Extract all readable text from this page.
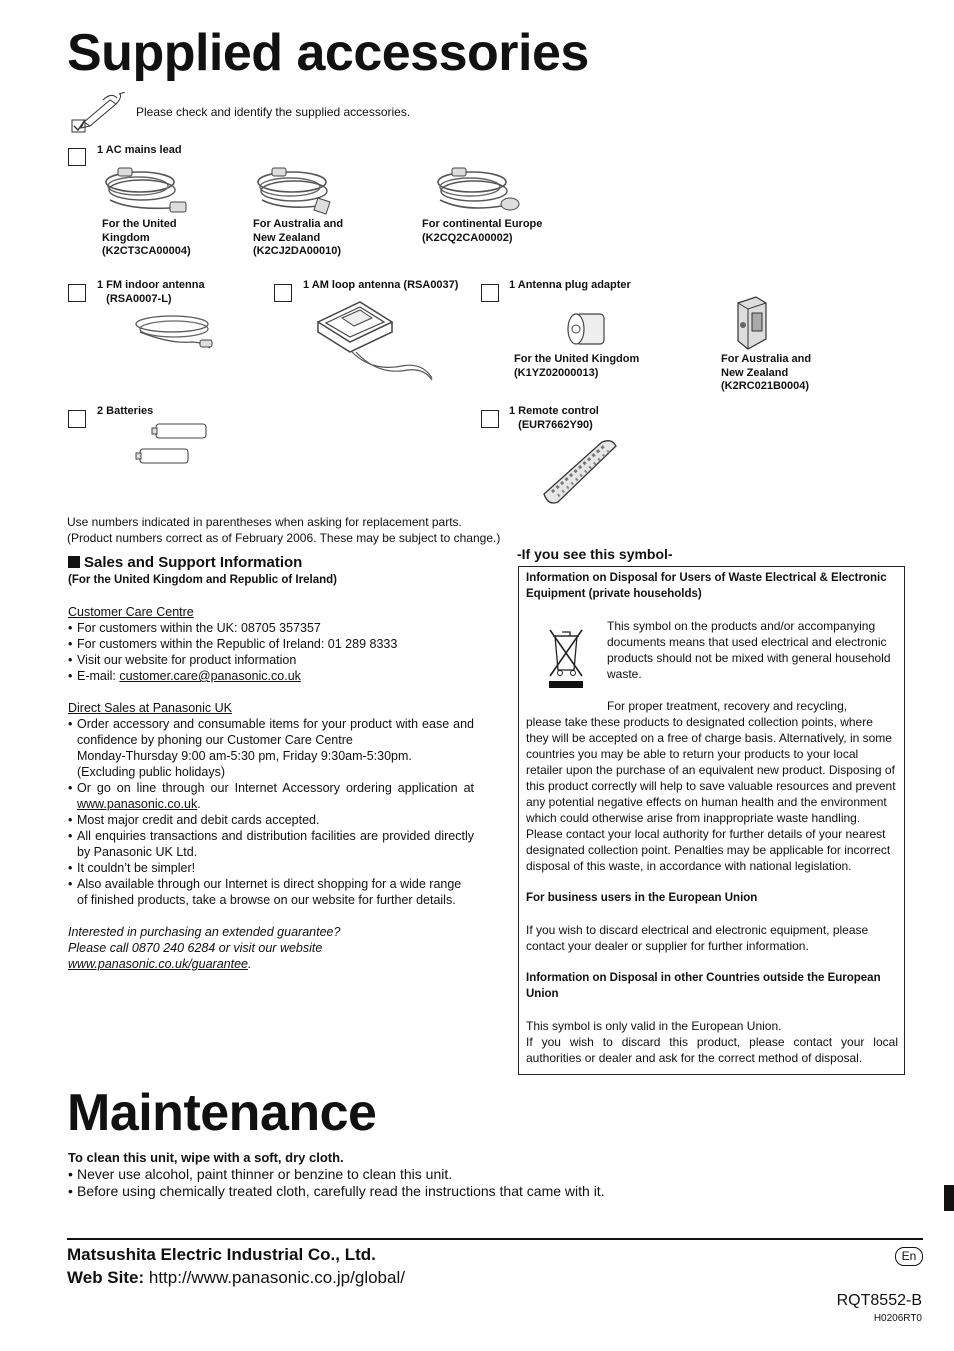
Supplied accessories
Please check and identify the supplied accessories.
1 AC mains lead
For the United
Kingdom
(K2CT3CA00004)
For Australia and
New Zealand
(K2CJ2DA00010)
For continental Europe
(K2CQ2CA00002)
1 FM indoor antenna
(RSA0007-L)
1 AM loop antenna (RSA0037)	1 Antenna plug adapter
For the United Kingdom
(K1YZ02000013)
For Australia and
New Zealand
(K2RC021B0004)
2 Batteries	1 Remote control
(EUR7662Y90)
Use numbers indicated in parentheses when asking for replacement parts.
(Product numbers correct as of February 2006. These may be subject to change.)
Sales and Support Information
(For the United Kingdom and Republic of Ireland)
Customer Care Centre
• For customers within the UK: 08705 357357
• For customers within the Republic of Ireland: 01 289 8333
• Visit our website for product information
• E-mail: customer.care@panasonic.co.uk
Direct Sales at Panasonic UK
• Order accessory and consumable items for your product with ease and confidence by phoning our Customer Care Centre
Monday-Thursday 9:00 am-5:30 pm, Friday 9:30am-5:30pm.
(Excluding public holidays)
• Or go on line through our Internet Accessory ordering application at www.panasonic.co.uk.
• Most major credit and debit cards accepted.
• All enquiries transactions and distribution facilities are provided directly by Panasonic UK Ltd.
• It couldn’t be simpler!
• Also available through our Internet is direct shopping for a wide range of finished products, take a browse on our website for further details.
Interested in purchasing an extended guarantee?
Please call 0870 240 6284 or visit our website
www.panasonic.co.uk/guarantee.
-If you see this symbol-
Information on Disposal for Users of Waste Electrical & Electronic Equipment (private households)
This symbol on the products and/or accompanying documents means that used electrical and electronic products should not be mixed with general household waste.
For proper treatment, recovery and recycling,
please take these products to designated collection points, where they will be accepted on a free of charge basis. Alternatively, in some countries you may be able to return your products to your local retailer upon the purchase of an equivalent new product. Disposing of this product correctly will help to save valuable resources and prevent any potential negative effects on human health and the environment which could otherwise arise from inappropriate waste handling. Please contact your local authority for further details of your nearest designated collection point. Penalties may be applicable for incorrect disposal of this waste, in accordance with national legislation.
For business users in the European Union
If you wish to discard electrical and electronic equipment, please contact your dealer or supplier for further information.
Information on Disposal in other Countries outside the European Union
This symbol is only valid in the European Union.
If you wish to discard this product, please contact your local authorities or dealer and ask for the correct method of disposal.
Maintenance
To clean this unit, wipe with a soft, dry cloth.
• Never use alcohol, paint thinner or benzine to clean this unit.
• Before using chemically treated cloth, carefully read the instructions that came with it.
Matsushita Electric Industrial Co., Ltd.
Web Site: http://www.panasonic.co.jp/global/
En
RQT8552-B
H0206RT0
